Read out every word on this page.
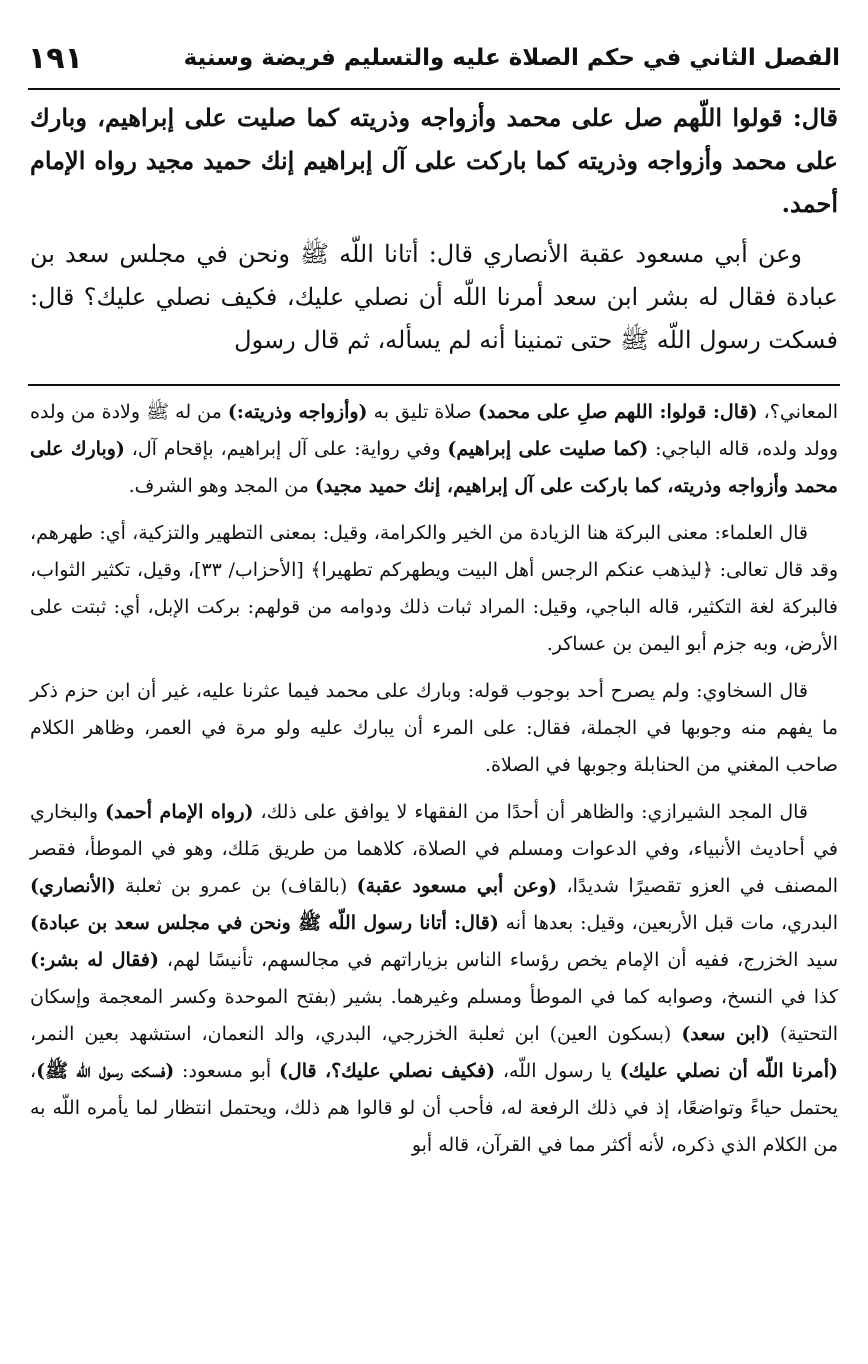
١٩١	الفصل الثاني في حكم الصلاة عليه والتسليم فريضة وسنية

قال: قولوا اللّهم صل على محمد وأزواجه وذريته كما صليت على إبراهيم، وبارك على محمد وأزواجه وذريته كما باركت على آل إبراهيم إنك حميد مجيد رواه الإمام أحمد.

وعن أبي مسعود عقبة الأنصاري قال: أتانا اللّه ﷺ ونحن في مجلس سعد بن عبادة فقال له بشر ابن سعد أمرنا اللّه أن نصلي عليك، فكيف نصلي عليك؟ قال: فسكت رسول اللّه ﷺ حتى تمنينا أنه لم يسأله، ثم قال رسول

المعاني؟، (قال: قولوا: اللهم صلِ على محمد) صلاة تليق به (وأزواجه وذريته:) من له ﷺ ولادة من ولده وولد ولده، قاله الباجي: (كما صليت على إبراهيم) وفي رواية: على آل إبراهيم، بإقحام آل، (وبارك على محمد وأزواجه وذريته، كما باركت على آل إبراهيم، إنك حميد مجيد) من المجد وهو الشرف.

قال العلماء: معنى البركة هنا الزيادة من الخير والكرامة، وقيل: بمعنى التطهير والتزكية، أي: طهرهم، وقد قال تعالى: ﴿ليذهب عنكم الرجس أهل البيت ويطهركم تطهيرا﴾ [الأحزاب/ ٣٣]، وقيل، تكثير الثواب، فالبركة لغة التكثير، قاله الباجي، وقيل: المراد ثبات ذلك ودوامه من قولهم: بركت الإبل، أي: ثبتت على الأرض، وبه جزم أبو اليمن بن عساكر.

قال السخاوي: ولم يصرح أحد بوجوب قوله: وبارك على محمد فيما عثرنا عليه، غير أن ابن حزم ذكر ما يفهم منه وجوبها في الجملة، فقال: على المرء أن يبارك عليه ولو مرة في العمر، وظاهر الكلام صاحب المغني من الحنابلة وجوبها في الصلاة.

قال المجد الشيرازي: والظاهر أن أحدًا من الفقهاء لا يوافق على ذلك، (رواه الإمام أحمد) والبخاري في أحاديث الأنبياء، وفي الدعوات ومسلم في الصلاة، كلاهما من طريق مَلك، وهو في الموطأ، فقصر المصنف في العزو تقصيرًا شديدًا، (وعن أبي مسعود عقبة) (بالقاف) بن عمرو بن ثعلبة (الأنصاري) البدري، مات قبل الأربعين، وقيل: بعدها أنه (قال: أتانا رسول اللّه ﷺ ونحن في مجلس سعد بن عبادة) سيد الخزرج، ففيه أن الإمام يخص رؤساء الناس بزياراتهم في مجالسهم، تأنيسًا لهم، (فقال له بشر:) كذا في النسخ، وصوابه كما في الموطأ ومسلم وغيرهما. بشير (بفتح الموحدة وكسر المعجمة وإسكان التحتية) (ابن سعد) (بسكون العين) ابن ثعلبة الخزرجي، البدري، والد النعمان، استشهد بعين النمر، (أمرنا اللّه أن نصلي عليك) يا رسول اللّه، (فكيف نصلي عليك؟، قال) أبو مسعود: (فسكت رسول اللّه ﷺ)، يحتمل حياءً وتواضعًا، إذ في ذلك الرفعة له، فأحب أن لو قالوا هم ذلك، ويحتمل انتظار لما يأمره اللّه به من الكلام الذي ذكره، لأنه أكثر مما في القرآن، قاله أبو
